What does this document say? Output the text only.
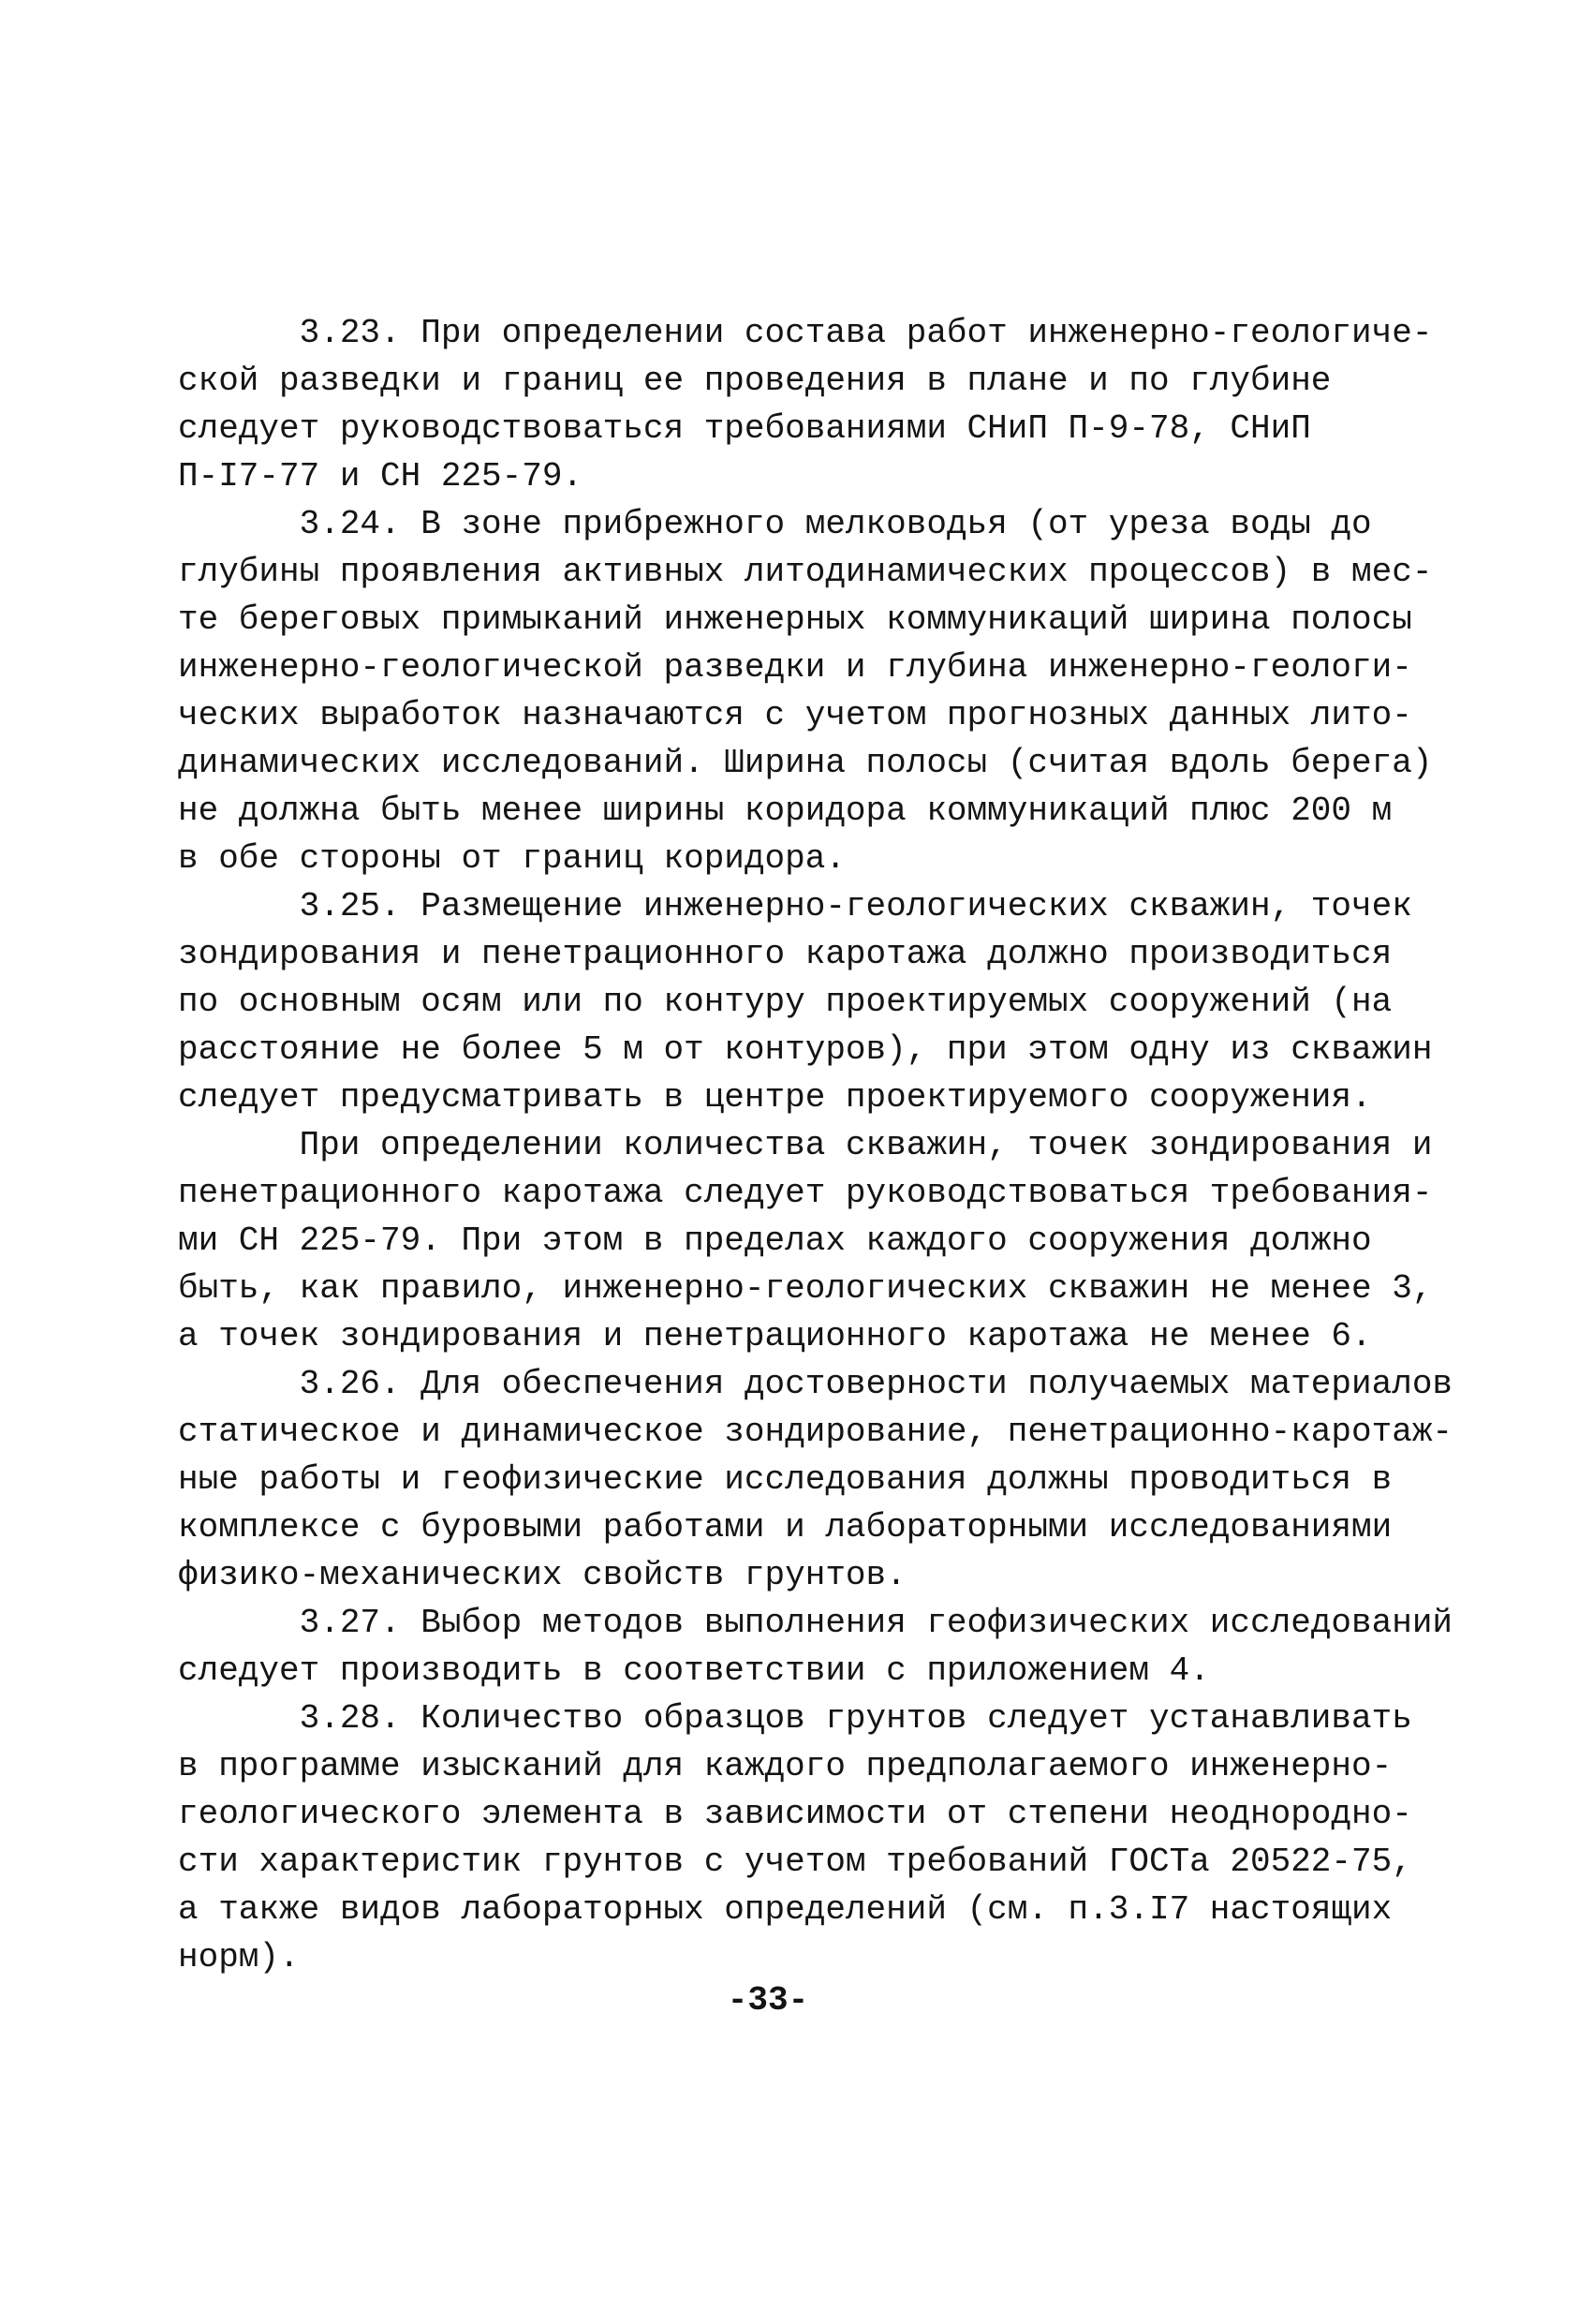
3.23. При определении состава работ инженерно-геологиче-
ской разведки и границ ее проведения в плане и по глубине
следует руководствоваться требованиями СНиП П-9-78, СНиП
П-I7-77 и СН 225-79.
3.24. В зоне прибрежного мелководья (от уреза воды до
глубины проявления активных литодинамических процессов) в мес-
те береговых примыканий инженерных коммуникаций ширина полосы
инженерно-геологической разведки и глубина инженерно-геологи-
ческих выработок назначаются с учетом прогнозных данных лито-
динамических исследований. Ширина полосы (считая вдоль берега)
не должна быть менее ширины коридора коммуникаций плюс 200 м
в обе стороны от границ коридора.
3.25. Размещение инженерно-геологических скважин, точек
зондирования и пенетрационного каротажа должно производиться
по основным осям или по контуру проектируемых сооружений (на
расстояние не более 5 м от контуров), при этом одну из скважин
следует предусматривать в центре проектируемого сооружения.
При определении количества скважин, точек зондирования и
пенетрационного каротажа следует руководствоваться требования-
ми СН 225-79. При этом в пределах каждого сооружения должно
быть, как правило, инженерно-геологических скважин не менее 3,
а точек зондирования и пенетрационного каротажа не менее 6.
3.26. Для обеспечения достоверности получаемых материалов
статическое и динамическое зондирование, пенетрационно-каротаж-
ные работы и геофизические исследования должны проводиться в
комплексе с буровыми работами и лабораторными исследованиями
физико-механических свойств грунтов.
3.27. Выбор методов выполнения геофизических исследований
следует производить в соответствии с приложением 4.
3.28. Количество образцов грунтов следует устанавливать
в программе изысканий для каждого предполагаемого инженерно-
геологического элемента в зависимости от степени неоднородно-
сти характеристик грунтов с учетом требований ГОСТа 20522-75,
а также видов лабораторных определений (см. п.3.I7 настоящих
норм).
-33-
